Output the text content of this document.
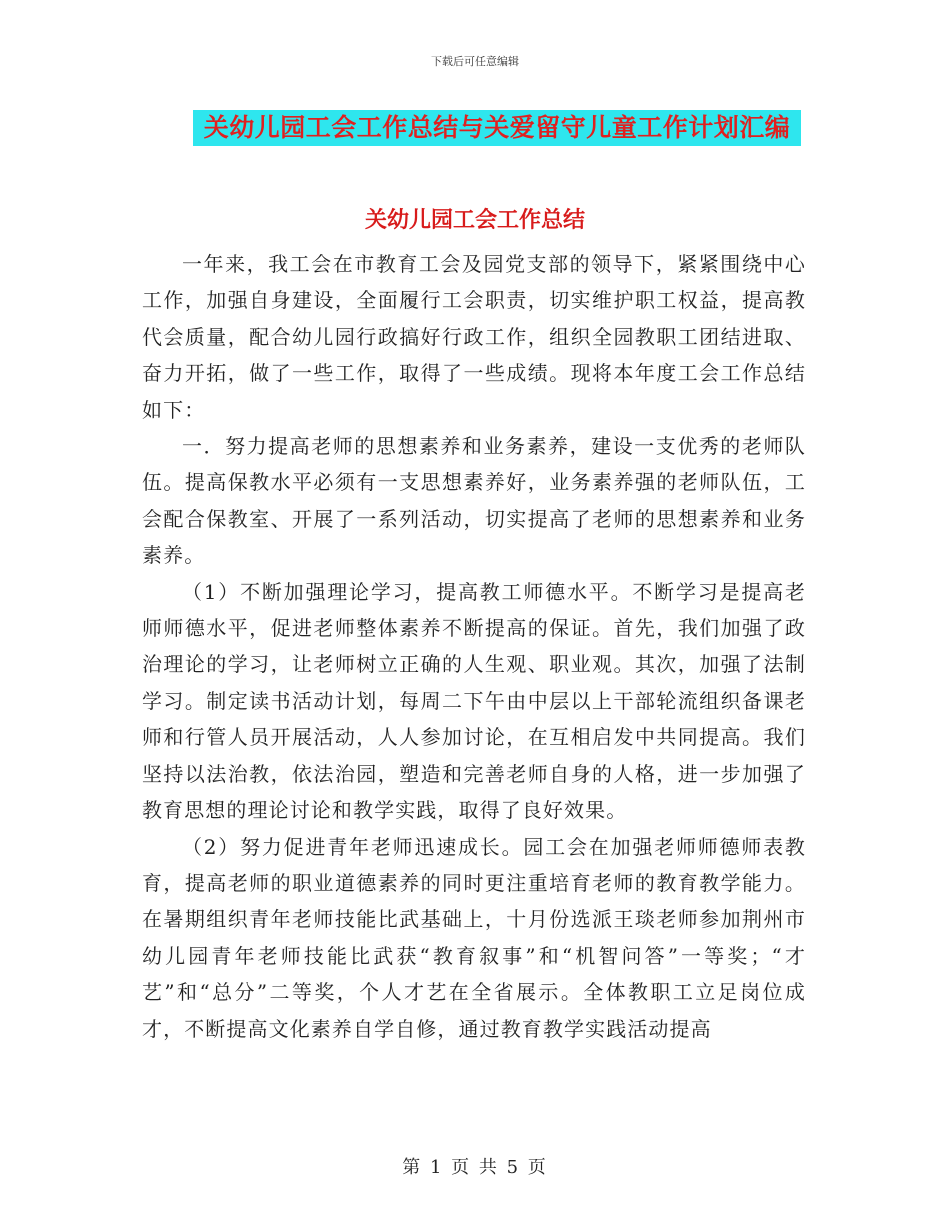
下载后可任意编辑
关幼儿园工会工作总结与关爱留守儿童工作计划汇编
关幼儿园工会工作总结

一年来，我工会在市教育工会及园党支部的领导下，紧紧围绕中心工作，加强自身建设，全面履行工会职责，切实维护职工权益，提高教代会质量，配合幼儿园行政搞好行政工作，组织全园教职工团结进取、奋力开拓，做了一些工作，取得了一些成绩。现将本年度工会工作总结如下：

一．努力提高老师的思想素养和业务素养，建设一支优秀的老师队伍。提高保教水平必须有一支思想素养好，业务素养强的老师队伍，工会配合保教室、开展了一系列活动，切实提高了老师的思想素养和业务素养。

（1）不断加强理论学习，提高教工师德水平。不断学习是提高老师师德水平，促进老师整体素养不断提高的保证。首先，我们加强了政治理论的学习，让老师树立正确的人生观、职业观。其次，加强了法制学习。制定读书活动计划，每周二下午由中层以上干部轮流组织备课老师和行管人员开展活动，人人参加讨论，在互相启发中共同提高。我们坚持以法治教，依法治园，塑造和完善老师自身的人格，进一步加强了教育思想的理论讨论和教学实践，取得了良好效果。

（2）努力促进青年老师迅速成长。园工会在加强老师师德师表教育，提高老师的职业道德素养的同时更注重培育老师的教育教学能力。在暑期组织青年老师技能比武基础上，十月份选派王琰老师参加荆州市幼儿园青年老师技能比武获“教育叙事”和“机智问答”一等奖；“才艺”和“总分”二等奖，个人才艺在全省展示。全体教职工立足岗位成才，不断提高文化素养自学自修，通过教育教学实践活动提高

第 1 页 共 5 页
